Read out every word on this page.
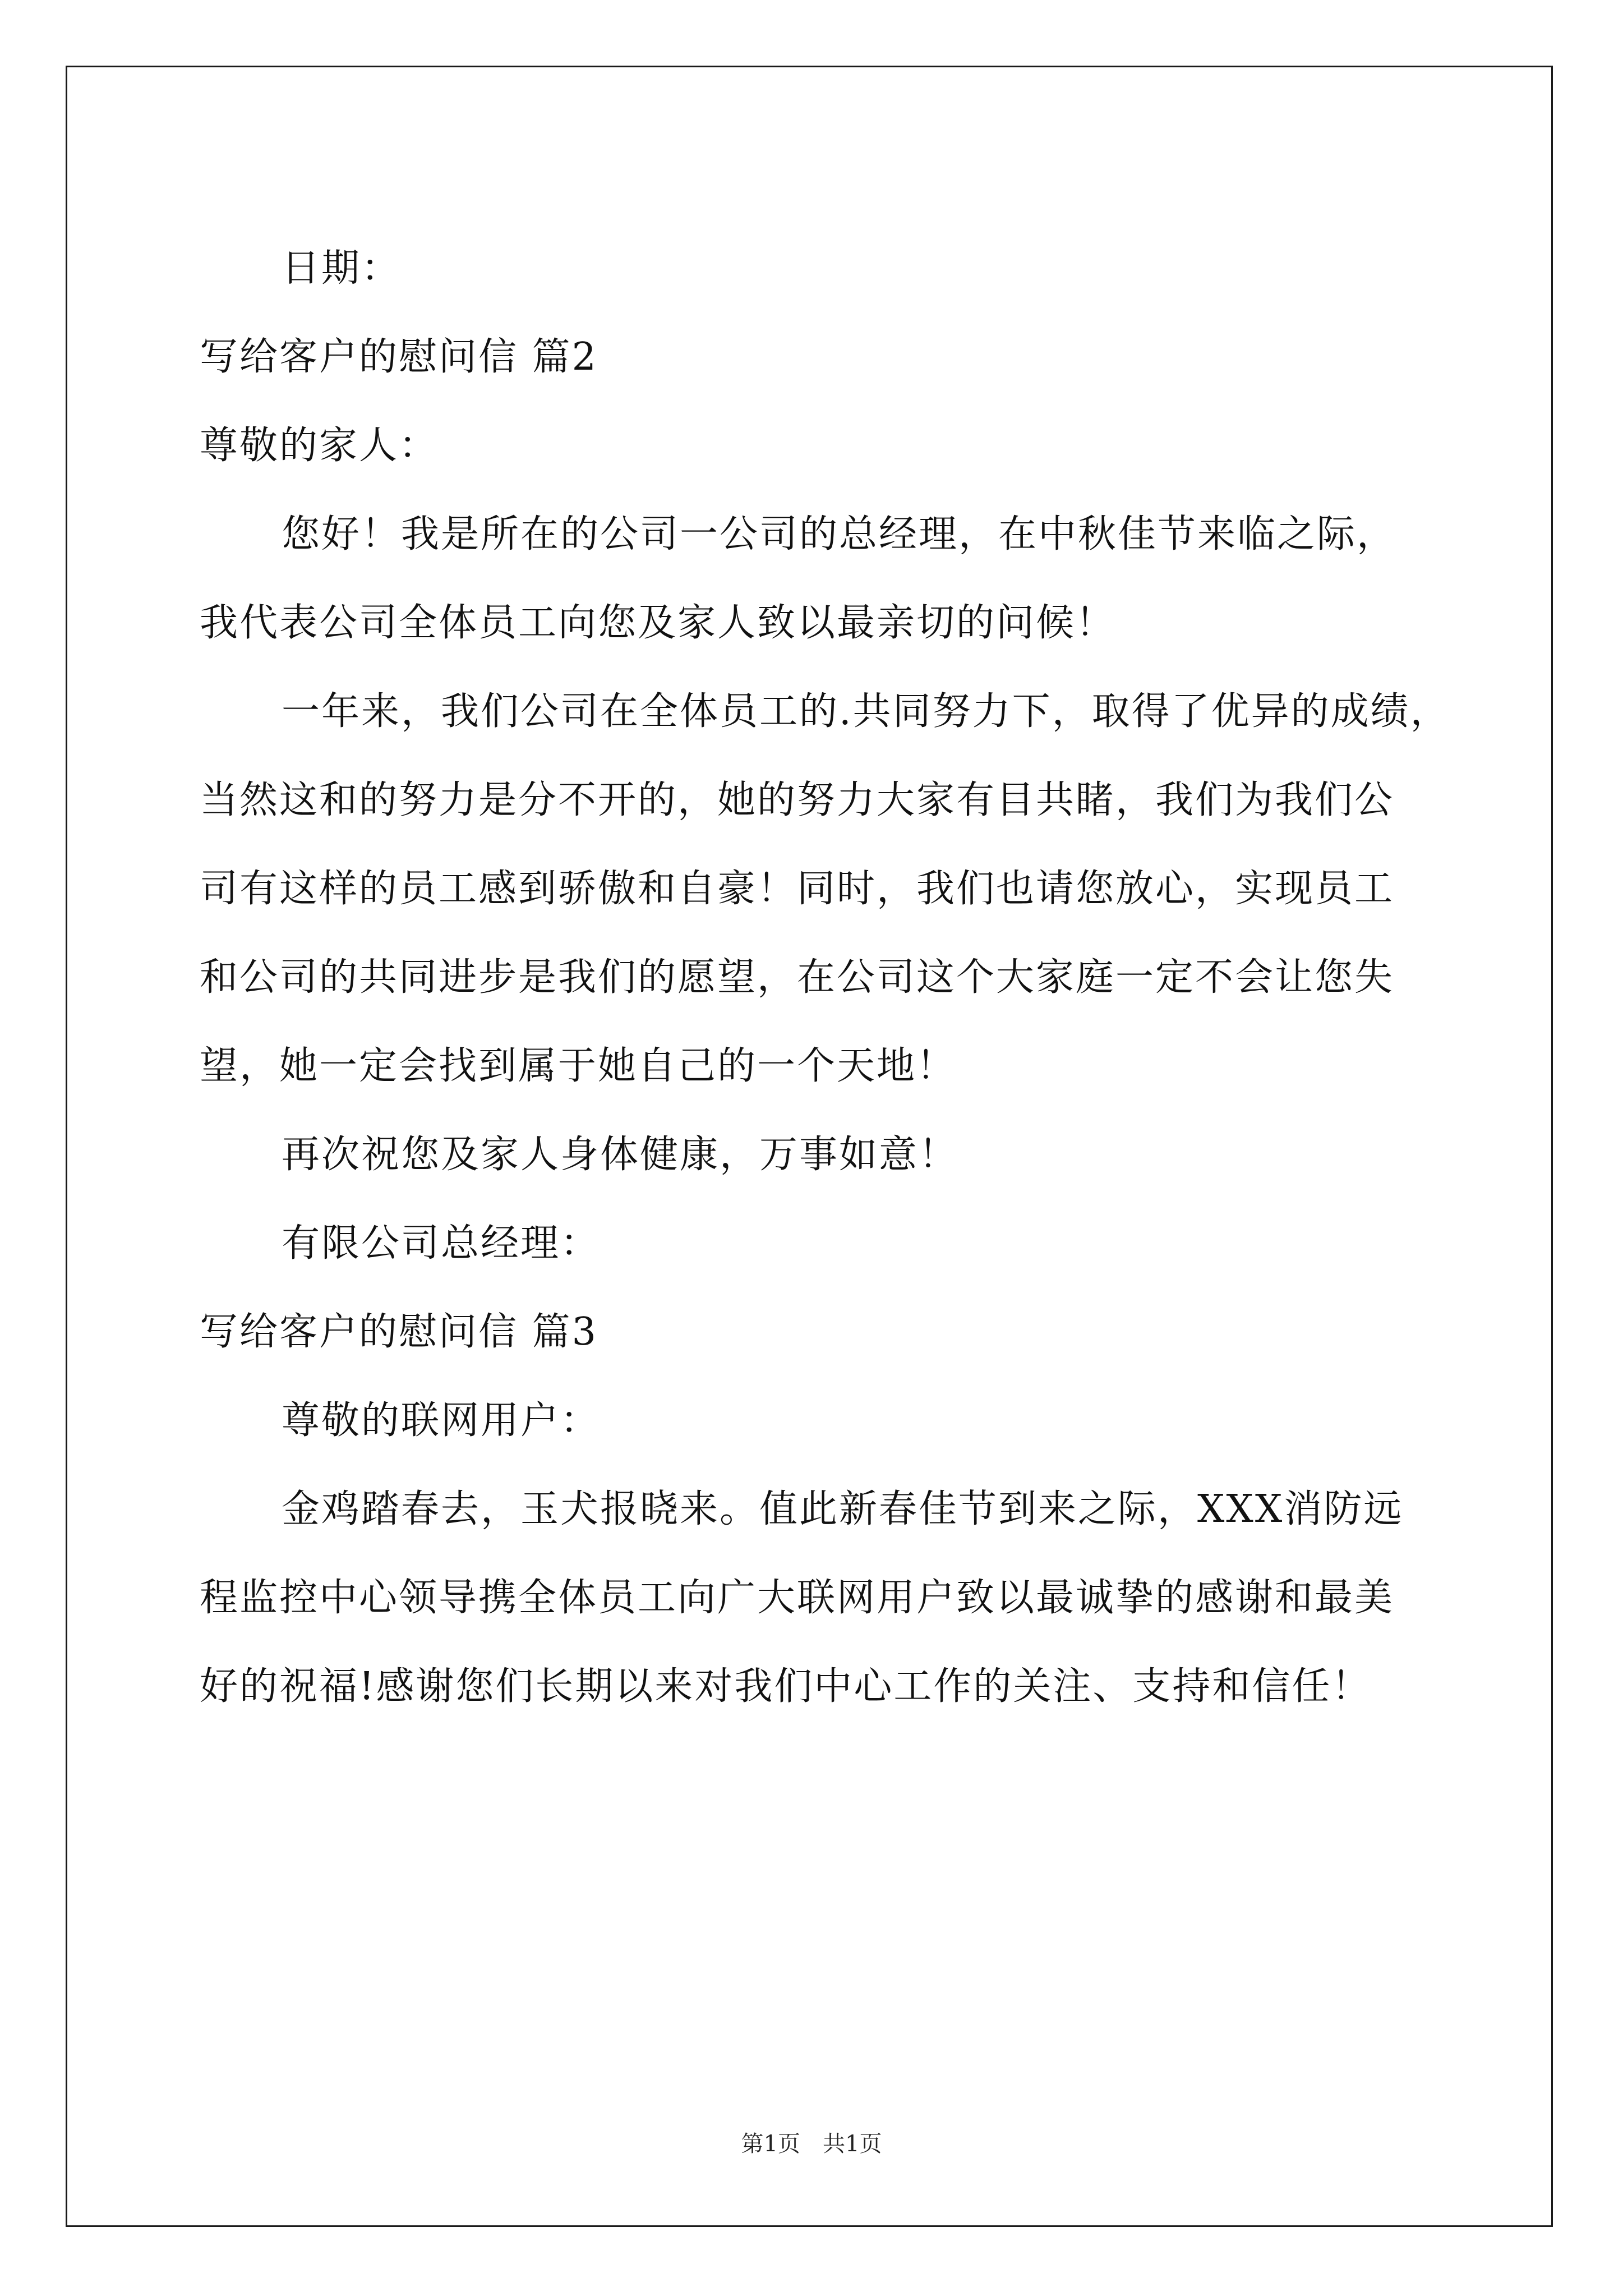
日期：
写给客户的慰问信 篇2
尊敬的家人：
您好！我是所在的公司一公司的总经理，在中秋佳节来临之际，
我代表公司全体员工向您及家人致以最亲切的问候！
一年来，我们公司在全体员工的.共同努力下，取得了优异的成绩，
当然这和的努力是分不开的，她的努力大家有目共睹，我们为我们公
司有这样的员工感到骄傲和自豪！同时，我们也请您放心，实现员工
和公司的共同进步是我们的愿望，在公司这个大家庭一定不会让您失
望，她一定会找到属于她自己的一个天地！
再次祝您及家人身体健康，万事如意！
有限公司总经理：
写给客户的慰问信 篇3
尊敬的联网用户：
金鸡踏春去，玉犬报晓来。值此新春佳节到来之际，XXX消防远
程监控中心领导携全体员工向广大联网用户致以最诚挚的感谢和最美
好的祝福!感谢您们长期以来对我们中心工作的关注、支持和信任！
第1页　共1页
